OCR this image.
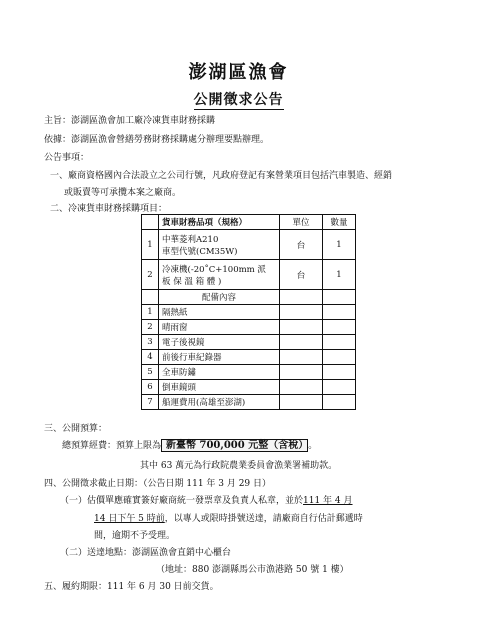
澎湖區漁會
公開徵求公告
主旨：澎湖區漁會加工廠冷凍貨車財務採購
依據：澎湖區漁會營繕勞務財務採購處分辦理要點辦理。
公告事項：
一、廠商資格國內合法設立之公司行號，凡政府登記有案營業項目包括汽車製造、經銷
或販賣等可承攬本案之廠商。
二、冷凍貨車財務採購項目：
	貨車財務品項（規格）	單位	數量
1	中華菱利A210
車型代號(CM35W)	台	1
2	冷凍機(-20˚C+100mm 派
板 保 溫 箱 體 )	台	1
	配備內容		
1	隔熱紙		
2	晴雨窗		
3	電子後視鏡		
4	前後行車紀錄器		
5	全車防鏽		
6	倒車鏡頭		
7	船運費用(高雄至澎湖)		
三、公開預算：
總預算經費：預算上限為 新臺幣 700,000 元整（含稅） 。
其中 63 萬元為行政院農業委員會漁業署補助款。
四、公開徵求截止日期：（公告日期 111 年 3 月 29 日）
（一）估價單應確實簽好廠商統一發票章及負責人私章，並於111 年 4 月
14 日下午 5 時前，以專人或限時掛號送達，請廠商自行估計郵遞時
間，逾期不予受理。
（二）送達地點：澎湖區漁會直銷中心櫃台
（地址：880 澎湖縣馬公市漁港路 50 號 1 樓）
五、履約期限：111 年 6 月 30 日前交貨。
